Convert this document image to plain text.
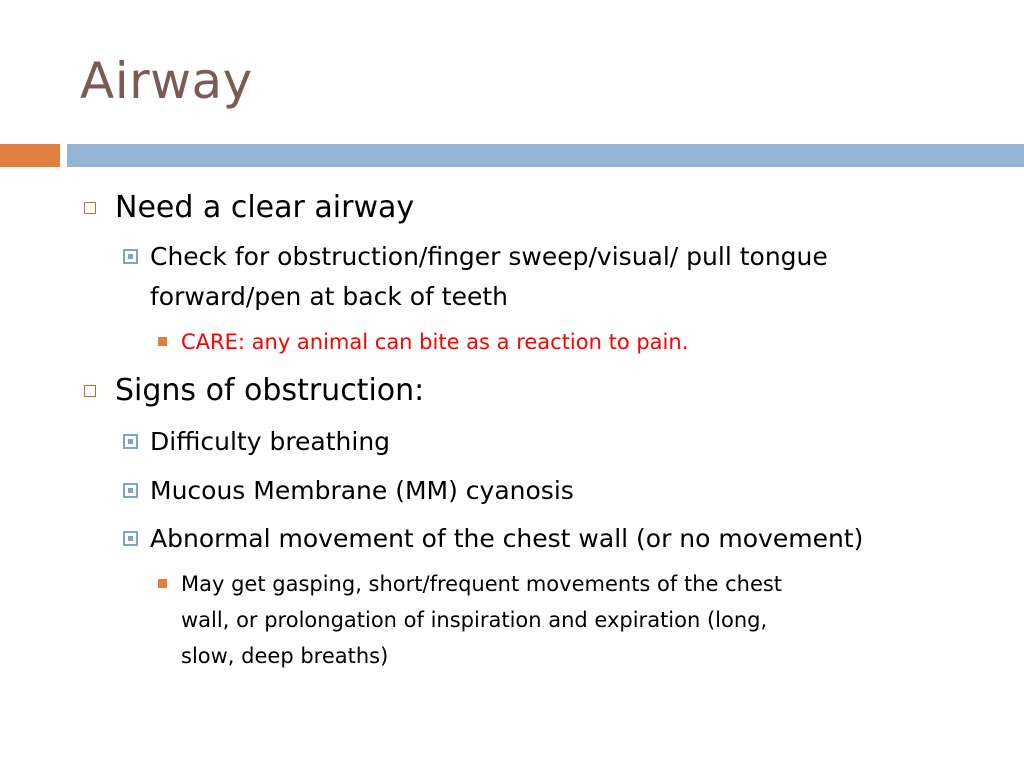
Airway
Need a clear airway
Check for obstruction/finger sweep/visual/ pull tongue
forward/pen at back of teeth
CARE: any animal can bite as a reaction to pain.
Signs of obstruction:
Difficulty breathing
Mucous Membrane (MM) cyanosis
Abnormal movement of the chest wall (or no movement)
May get gasping, short/frequent movements of the chest
wall, or prolongation of inspiration and expiration (long,
slow, deep breaths)
